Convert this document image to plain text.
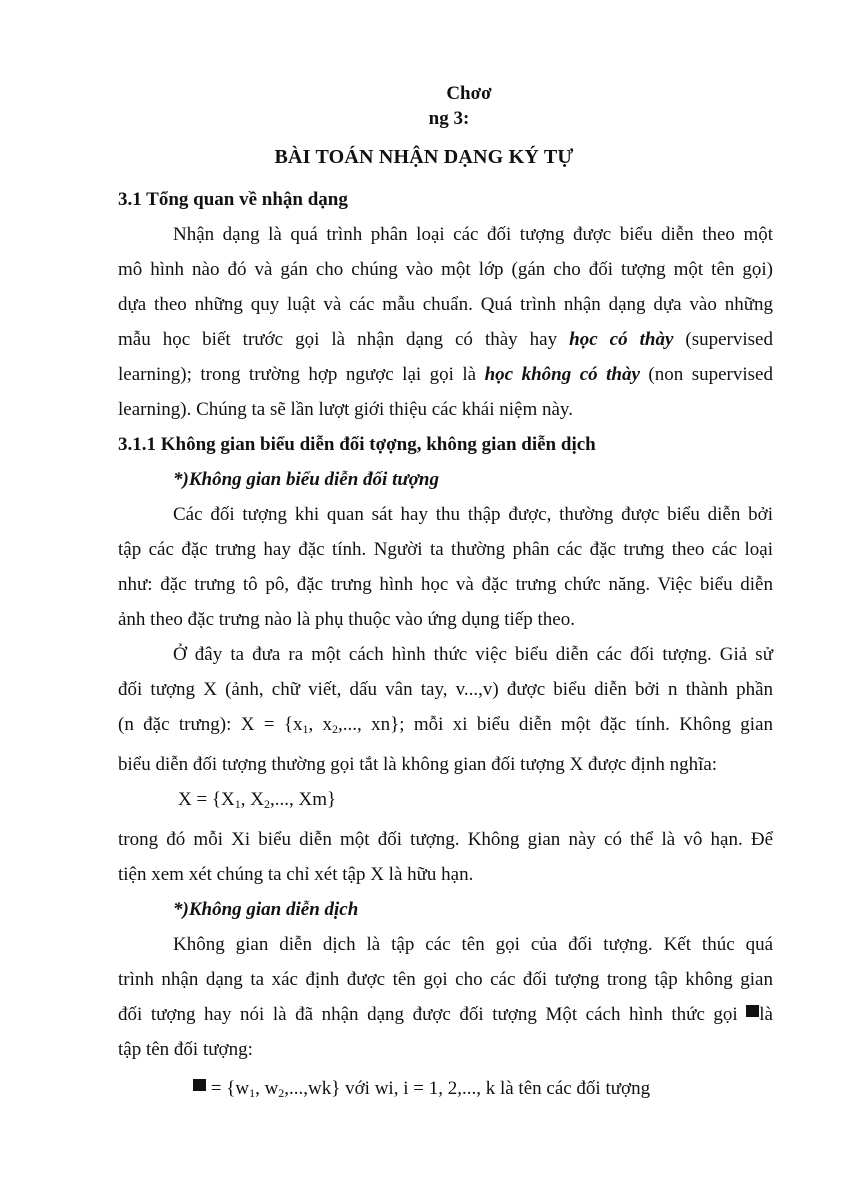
Chơơ
ng 3:
BÀI TOÁN NHẬN DẠNG KÝ TỰ
3.1 Tổng quan về nhận dạng
Nhận dạng là quá trình phân loại các đối tượng được biểu diễn theo một
mô hình nào đó và gán cho chúng vào một lớp (gán cho đối tượng một tên gọi)
dựa theo những quy luật và các mẫu chuẩn. Quá trình nhận dạng dựa vào những
mẫu học biết trước gọi là nhận dạng có thày hay học có thày (supervised
learning); trong trường hợp ngược lại gọi là học không có thày (non supervised
learning). Chúng ta sẽ lần lượt giới thiệu các khái niệm này.
3.1.1 Không gian biểu diễn đối tợợng, không gian diễn dịch
*)Không gian biểu diễn đối tượng
Các đối tượng khi quan sát hay thu thập được, thường được biểu diễn bởi
tập các đặc trưng hay đặc tính. Người ta thường phân các đặc trưng theo các loại
như: đặc trưng tô pô, đặc trưng hình học và đặc trưng chức năng. Việc biểu diễn
ảnh theo đặc trưng nào là phụ thuộc vào ứng dụng tiếp theo.
Ở đây ta đưa ra một cách hình thức việc biểu diễn các đối tượng. Giả sử
đối tượng X (ảnh, chữ viết, dấu vân tay, v...,v) được biểu diễn bởi n thành phần
(n đặc trưng): $X = \{x_1$, $x_2$,..., xn}; mỗi xi biểu diễn một đặc tính. Không gian
biểu diễn đối tượng thường gọi tắt là không gian đối tượng X được định nghĩa:
$X = \{X_1$, $X_2$,..., Xm}
trong đó mỗi Xi biểu diễn một đối tượng. Không gian này có thể là vô hạn. Để
tiện xem xét chúng ta chỉ xét tập X là hữu hạn.
*)Không gian diễn dịch
Không gian diễn dịch là tập các tên gọi của đối tượng. Kết thúc quá
trình nhận dạng ta xác định được tên gọi cho các đối tượng trong tập không gian
đối tượng hay nói là đã nhận dạng được đối tượng Một cách hình thức gọi là
tập tên đối tượng:
= {$w_1$, $w_2,...,wk$} với wi, i = 1, 2,..., k là tên các đối tượng
